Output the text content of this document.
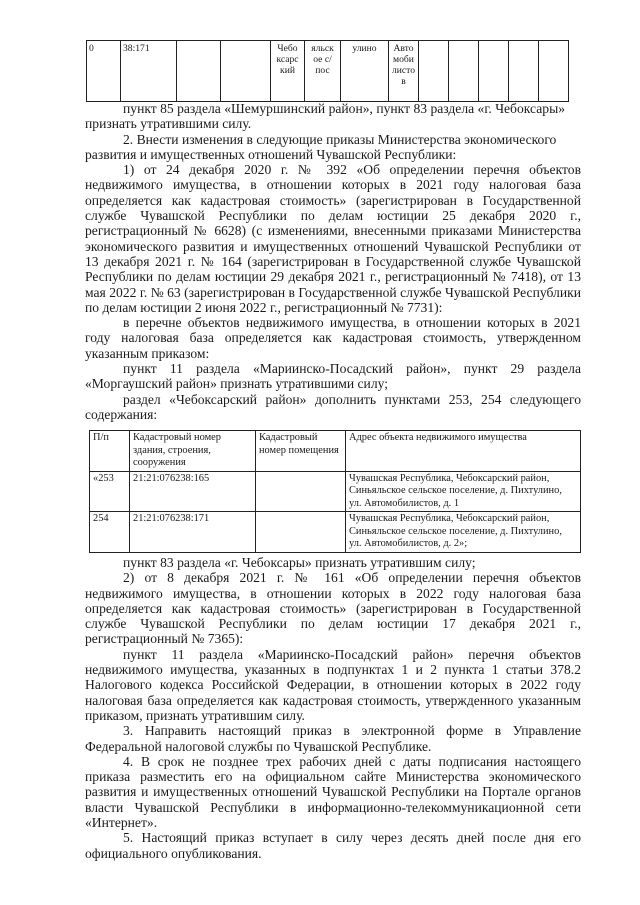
0	38:171			Чебо ксарс кий	яльск ое с/пос	улино	Авто моби листо в					

пункт 85 раздела «Шемуршинский район», пункт 83 раздела «г. Чебоксары»

признать утратившими силу.

2. Внести изменения в следующие приказы Министерства экономического

развития и имущественных отношений Чувашской Республики:

1) от 24 декабря 2020 г. № 392 «Об определении перечня объектов недвижимого имущества, в отношении которых в 2021 году налоговая база определяется как кадастровая стоимость» (зарегистрирован в Государственной службе Чувашской Республики по делам юстиции 25 декабря 2020 г., регистрационный № 6628) (с изменениями, внесенными приказами Министерства экономического развития и имущественных отношений Чувашской Республики от 13 декабря 2021 г. № 164 (зарегистрирован в Государственной службе Чувашской Республики по делам юстиции 29 декабря 2021 г., регистрационный № 7418), от 13 мая 2022 г. № 63 (зарегистрирован в Государственной службе Чувашской Республики по делам юстиции 2 июня 2022 г., регистрационный № 7731):

в перечне объектов недвижимого имущества, в отношении которых в 2021 году налоговая база определяется как кадастровая стоимость, утвержденном указанным приказом:

пункт 11 раздела «Мариинско-Посадский район», пункт 29 раздела «Моргаушский район» признать утратившими силу;

раздел «Чебоксарский район» дополнить пунктами 253, 254 следующего содержания:

П/п	Кадастровый номер здания, строения, сооружения	Кадастровый номер помещения	Адрес объекта недвижимого имущества
«253	21:21:076238:165		Чувашская Республика, Чебоксарский район, Синьяльское сельское поселение, д. Пихтулино, ул. Автомобилистов, д. 1
254	21:21:076238:171		Чувашская Республика, Чебоксарский район, Синьяльское сельское поселение, д. Пихтулино, ул. Автомобилистов, д. 2»;

пункт 83 раздела «г. Чебоксары» признать утратившим силу;

2) от 8 декабря 2021 г. № 161 «Об определении перечня объектов недвижимого имущества, в отношении которых в 2022 году налоговая база определяется как кадастровая стоимость» (зарегистрирован в Государственной службе Чувашской Республики по делам юстиции 17 декабря 2021 г., регистрационный № 7365):

пункт 11 раздела «Мариинско-Посадский район» перечня объектов недвижимого имущества, указанных в подпунктах 1 и 2 пункта 1 статьи 378.2 Налогового кодекса Российской Федерации, в отношении которых в 2022 году налоговая база определяется как кадастровая стоимость, утвержденного указанным приказом, признать утратившим силу.

3. Направить настоящий приказ в электронной форме в Управление Федеральной налоговой службы по Чувашской Республике.

4. В срок не позднее трех рабочих дней с даты подписания настоящего приказа разместить его на официальном сайте Министерства экономического развития и имущественных отношений Чувашской Республики на Портале органов власти Чувашской Республики в информационно-телекоммуникационной сети «Интернет».

5. Настоящий приказ вступает в силу через десять дней после дня его официального опубликования.
